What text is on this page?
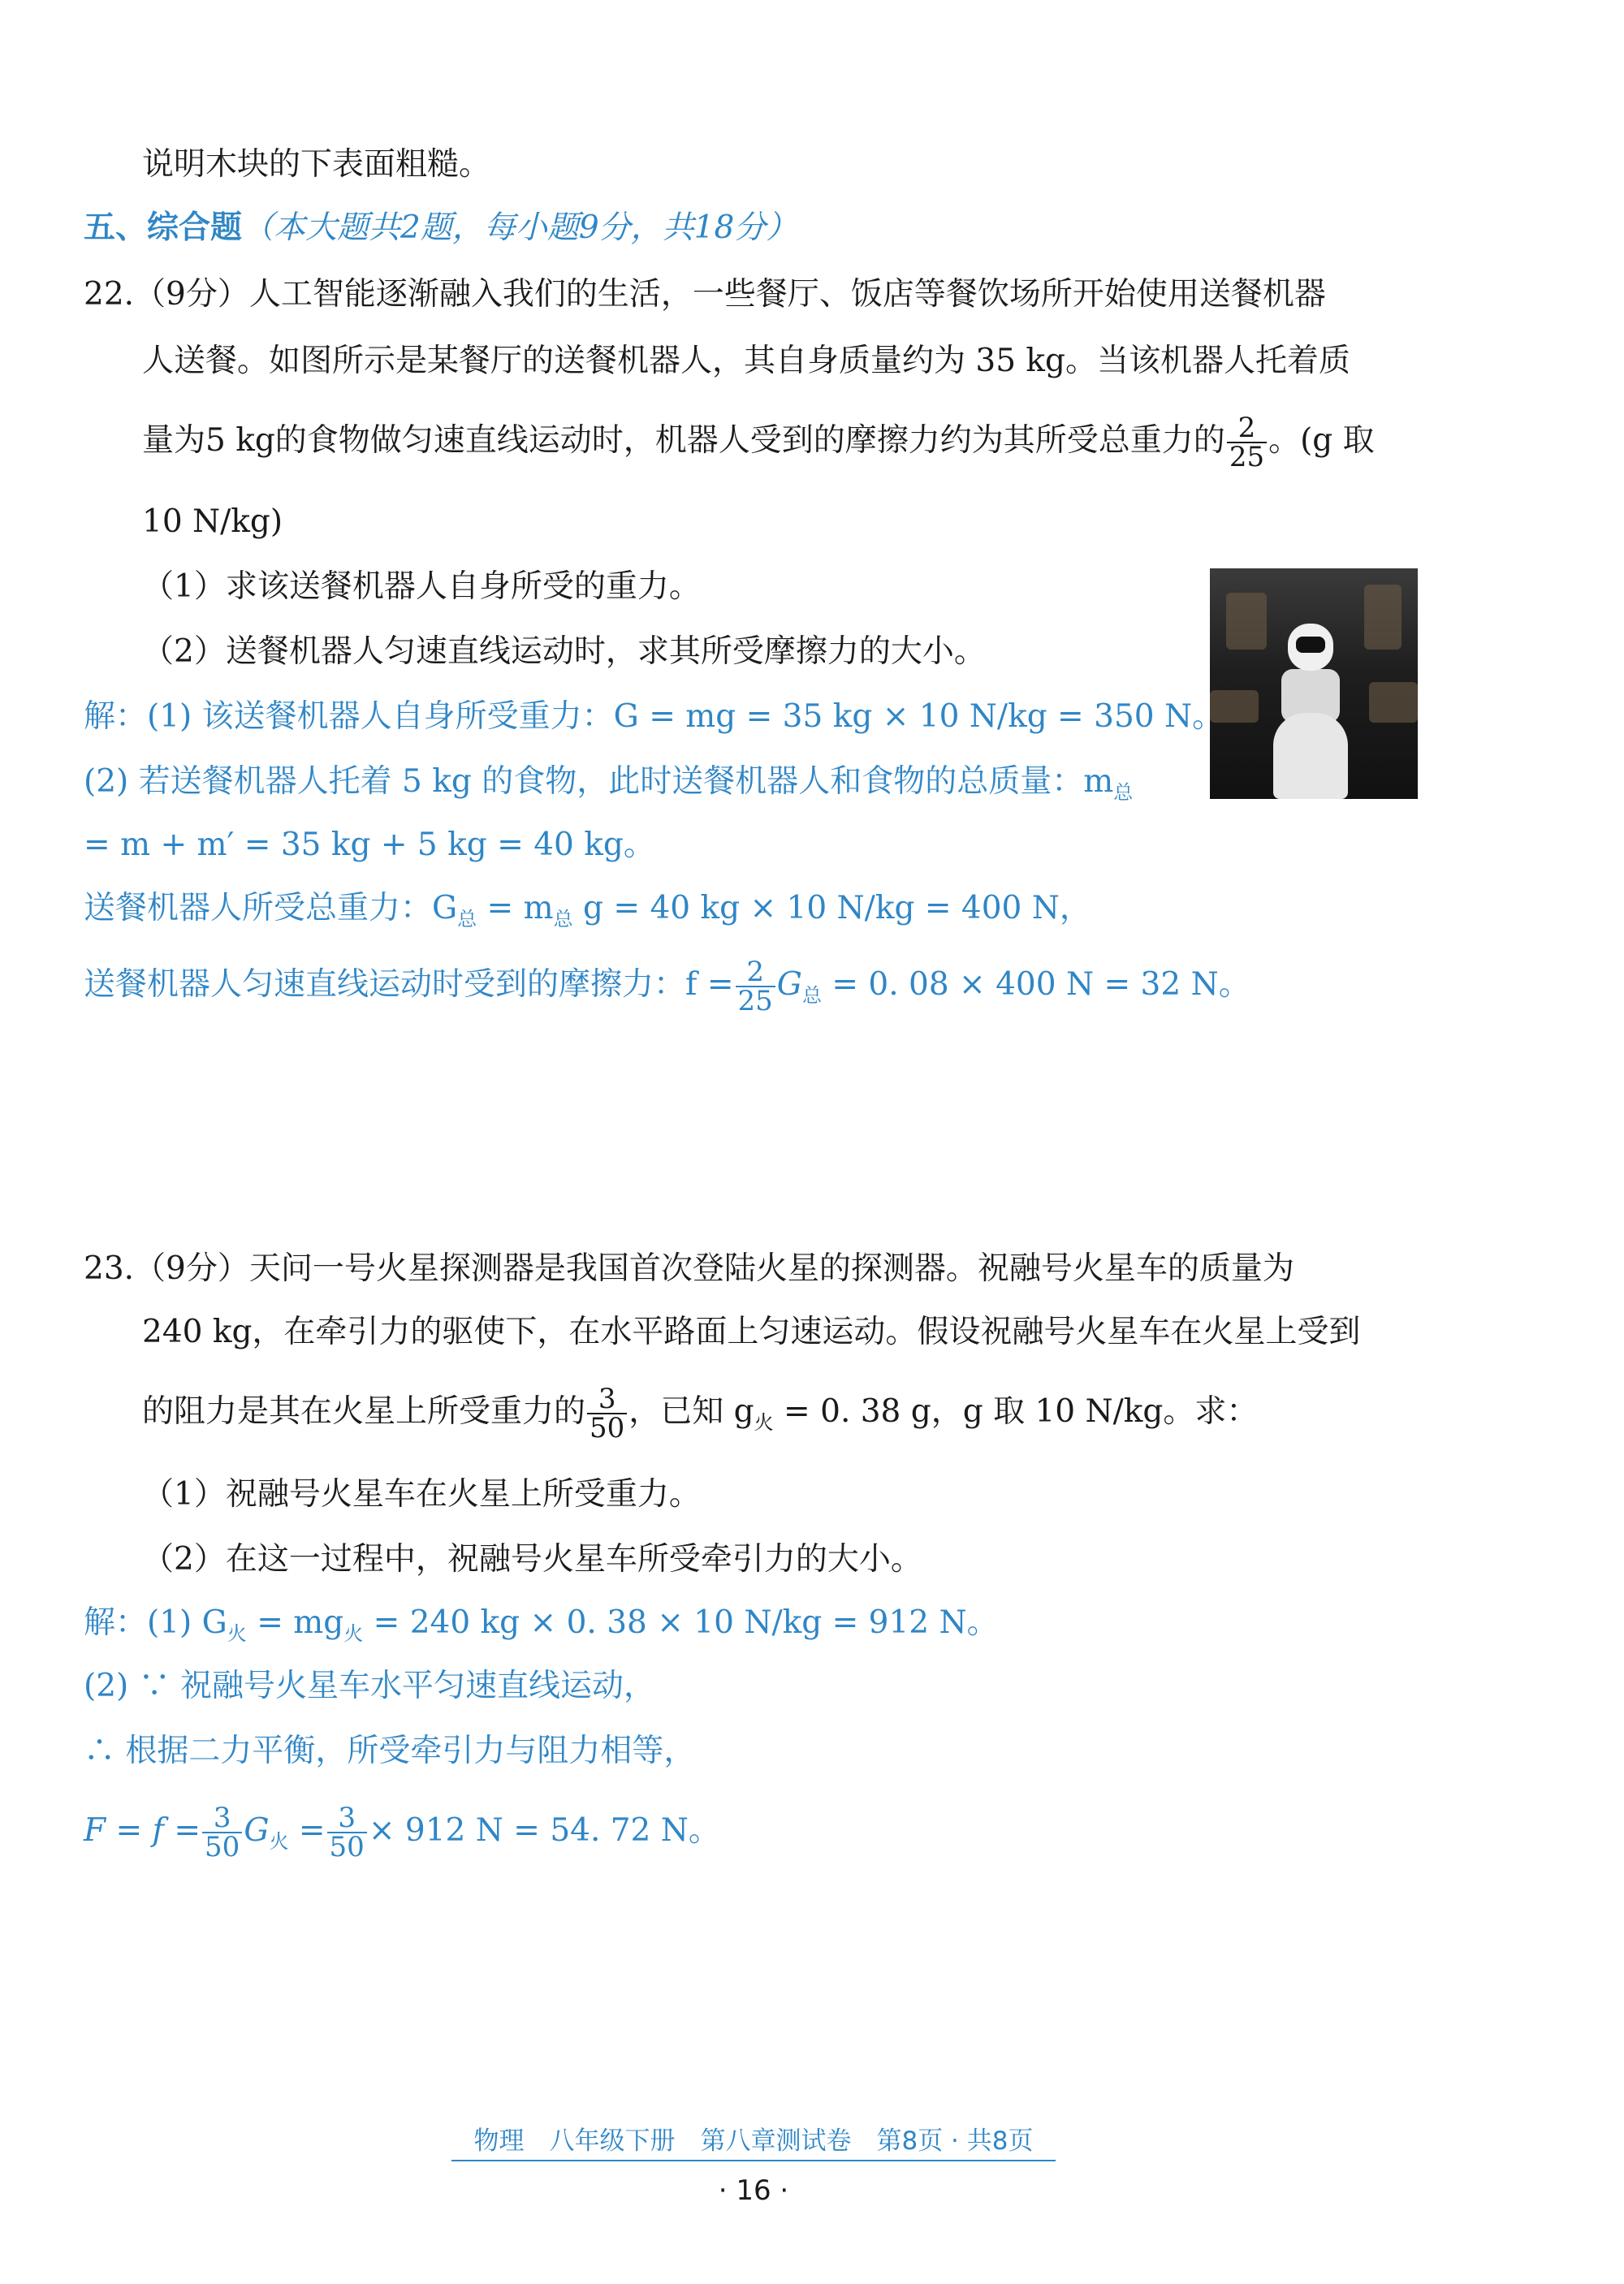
说明木块的下表面粗糙。
五、综合题（本大题共2题，每小题9分，共18分）
22.（9分）人工智能逐渐融入我们的生活，一些餐厅、饭店等餐饮场所开始使用送餐机器
人送餐。如图所示是某餐厅的送餐机器人，其自身质量约为 35 kg。当该机器人托着质
量为5 kg的食物做匀速直线运动时，机器人受到的摩擦力约为其所受总重力的 $\frac{2}{25}$ 。(g 取
10 N/kg)
（1）求该送餐机器人自身所受的重力。
（2）送餐机器人匀速直线运动时，求其所受摩擦力的大小。
解：(1) 该送餐机器人自身所受重力：G = mg = 35 kg × 10 N/kg = 350 N。
(2) 若送餐机器人托着 5 kg 的食物，此时送餐机器人和食物的总质量：$m_总$
= m + m′ = 35 kg + 5 kg = 40 kg。
送餐机器人所受总重力：$G_总 = m_总$ g = 40 kg × 10 N/kg = 400 N，
送餐机器人匀速直线运动时受到的摩擦力：$f = \frac{2}{25} G_总 = 0$. 08 × 400 N = 32 N。
23.（9分）天问一号火星探测器是我国首次登陆火星的探测器。祝融号火星车的质量为
240 kg，在牵引力的驱使下，在水平路面上匀速运动。假设祝融号火星车在火星上受到
的阻力是其在火星上所受重力的 $\frac{3}{50}$ ，已知 $g_火 = 0$. 38 g，g 取 10 N/kg。求：
（1）祝融号火星车在火星上所受重力。
（2）在这一过程中，祝融号火星车所受牵引力的大小。
解：(1) $G_火 = mg_火 = 240$ kg × 0. 38 × 10 N/kg = 912 N。
(2) ∵ 祝融号火星车水平匀速直线运动，
∴ 根据二力平衡，所受牵引力与阻力相等，
$F = f = \frac{3}{50} G_火 = \frac{3}{50} \times 912$ N = 54. 72 N。
物理　八年级下册　第八章测试卷　第8页 · 共8页
· 16 ·
